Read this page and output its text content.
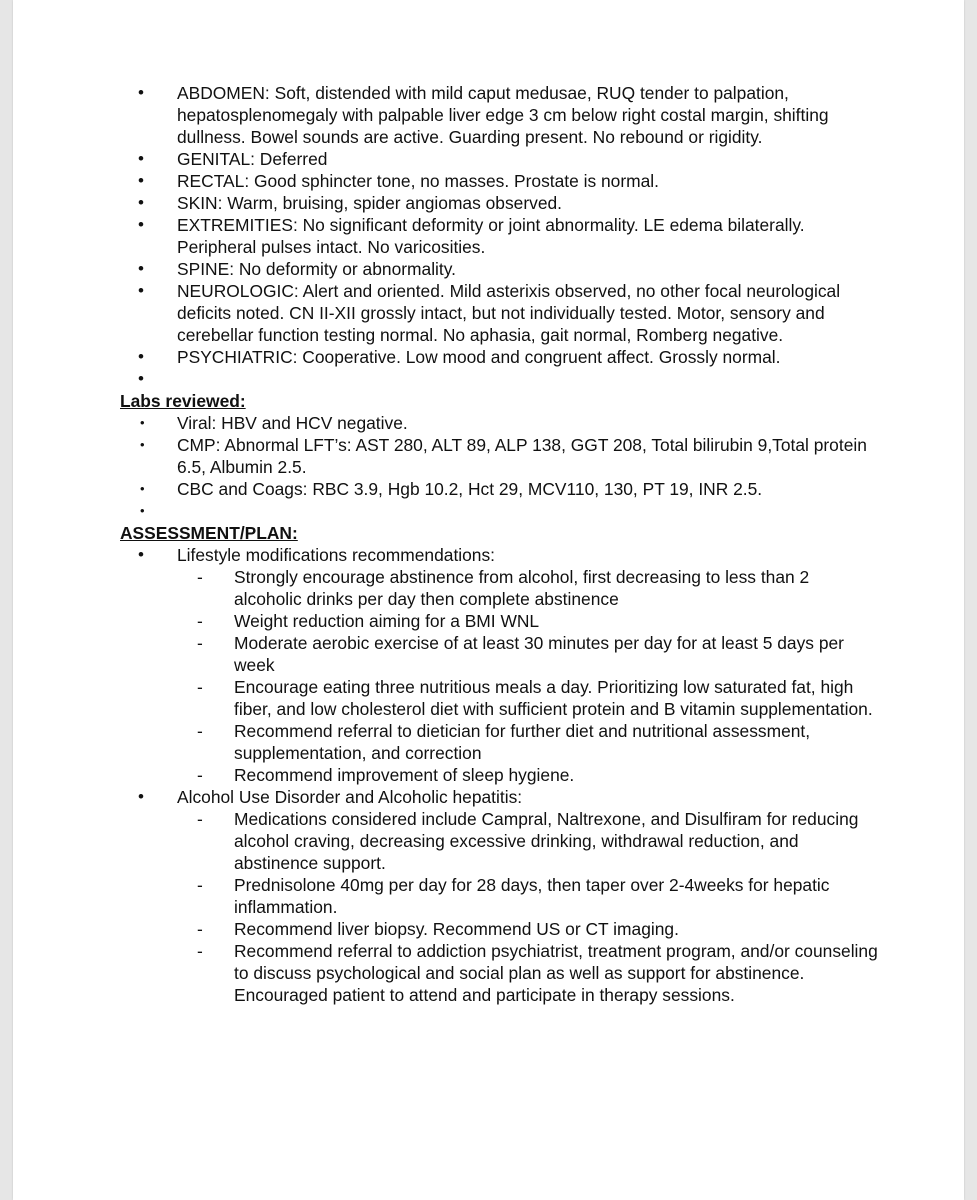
• ABDOMEN: Soft, distended with mild caput medusae, RUQ tender to palpation, hepatosplenomegaly with palpable liver edge 3 cm below right costal margin, shifting dullness. Bowel sounds are active. Guarding present. No rebound or rigidity.
• GENITAL: Deferred
• RECTAL: Good sphincter tone, no masses. Prostate is normal.
• SKIN: Warm, bruising, spider angiomas observed.
• EXTREMITIES: No significant deformity or joint abnormality. LE edema bilaterally. Peripheral pulses intact. No varicosities.
• SPINE: No deformity or abnormality.
• NEUROLOGIC: Alert and oriented. Mild asterixis observed, no other focal neurological deficits noted. CN II-XII grossly intact, but not individually tested. Motor, sensory and cerebellar function testing normal. No aphasia, gait normal, Romberg negative.
• PSYCHIATRIC: Cooperative. Low mood and congruent affect. Grossly normal.
•

Labs reviewed:

• Viral: HBV and HCV negative.
• CMP: Abnormal LFT’s: AST 280, ALT 89, ALP 138, GGT 208, Total bilirubin 9,Total protein 6.5, Albumin 2.5.
• CBC and Coags: RBC 3.9, Hgb 10.2, Hct 29, MCV110, 130, PT 19, INR 2.5.
•

ASSESSMENT/PLAN:

• Lifestyle modifications recommendations:
- Strongly encourage abstinence from alcohol, first decreasing to less than 2 alcoholic drinks per day then complete abstinence
- Weight reduction aiming for a BMI WNL
- Moderate aerobic exercise of at least 30 minutes per day for at least 5 days per week
- Encourage eating three nutritious meals a day. Prioritizing low saturated fat, high fiber, and low cholesterol diet with sufficient protein and B vitamin supplementation.
- Recommend referral to dietician for further diet and nutritional assessment, supplementation, and correction
- Recommend improvement of sleep hygiene.
• Alcohol Use Disorder and Alcoholic hepatitis:
- Medications considered include Campral, Naltrexone, and Disulfiram for reducing alcohol craving, decreasing excessive drinking, withdrawal reduction, and abstinence support.
- Prednisolone 40mg per day for 28 days, then taper over 2-4weeks for hepatic inflammation.
- Recommend liver biopsy. Recommend US or CT imaging.
- Recommend referral to addiction psychiatrist, treatment program, and/or counseling to discuss psychological and social plan as well as support for abstinence. Encouraged patient to attend and participate in therapy sessions.
